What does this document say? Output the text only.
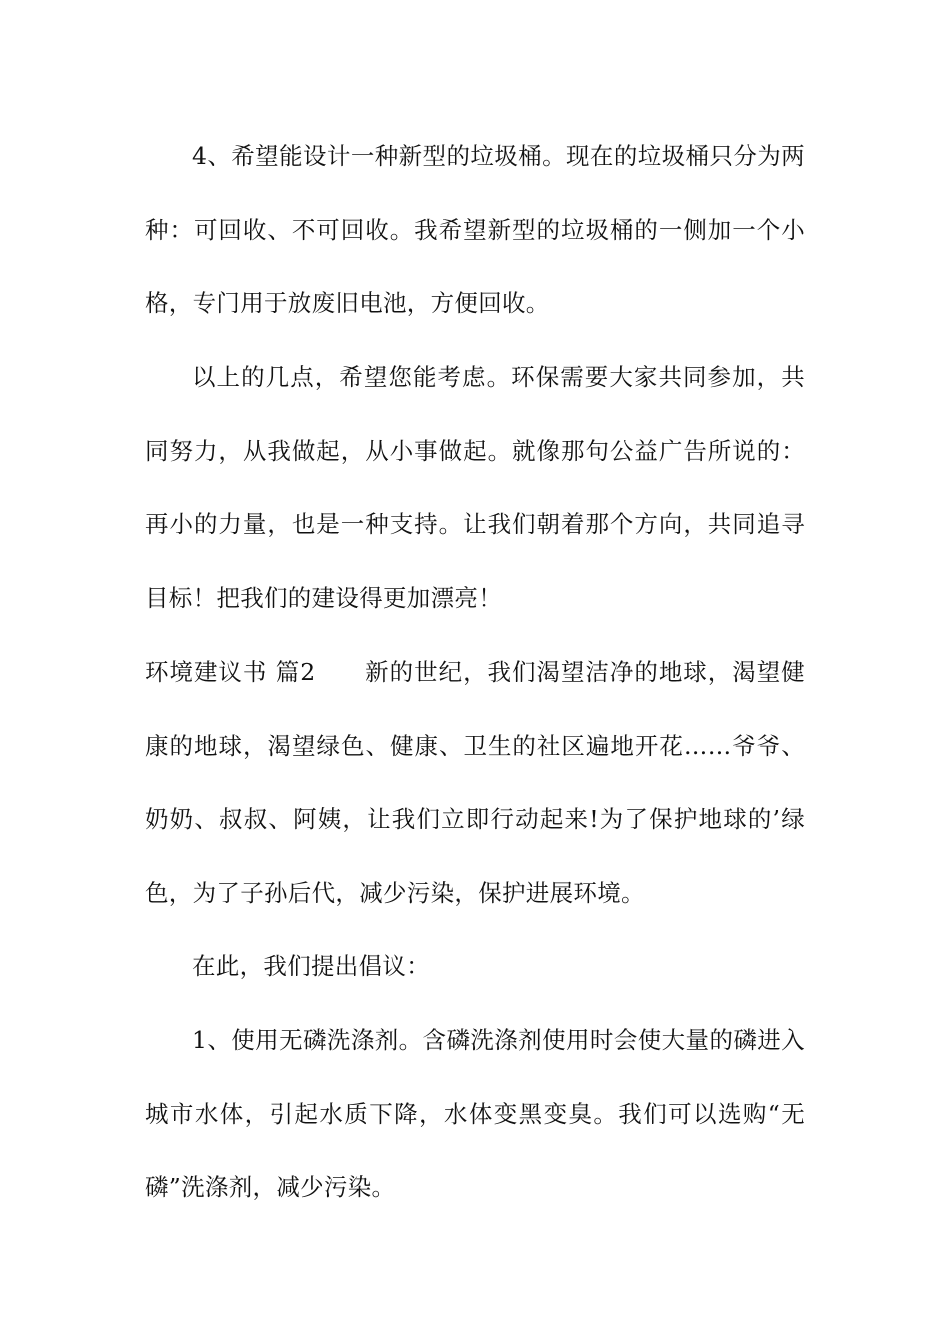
4、希望能设计一种新型的垃圾桶。现在的垃圾桶只分为两种：可回收、不可回收。我希望新型的垃圾桶的一侧加一个小格，专门用于放废旧电池，方便回收。

以上的几点，希望您能考虑。环保需要大家共同参加，共同努力，从我做起，从小事做起。就像那句公益广告所说的：再小的力量，也是一种支持。让我们朝着那个方向，共同追寻目标！把我们的建设得更加漂亮！

环境建议书 篇2 新的世纪，我们渴望洁净的地球，渴望健康的地球，渴望绿色、健康、卫生的社区遍地开花……爷爷、奶奶、叔叔、阿姨，让我们立即行动起来!为了保护地球的’绿色，为了子孙后代，减少污染，保护进展环境。

在此，我们提出倡议：

1、使用无磷洗涤剂。含磷洗涤剂使用时会使大量的磷进入城市水体，引起水质下降，水体变黑变臭。我们可以选购“无磷”洗涤剂，减少污染。
